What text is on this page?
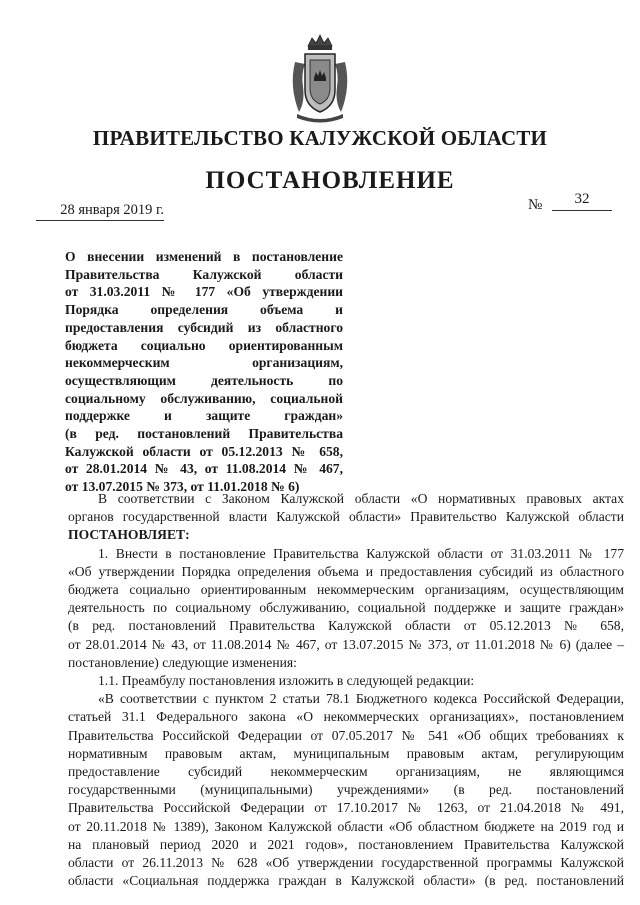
ПРАВИТЕЛЬСТВО КАЛУЖСКОЙ ОБЛАСТИ
ПОСТАНОВЛЕНИЕ
28 января 2019 г.	№	32
О внесении изменений в постановление
Правительства Калужской области
от 31.03.2011 № 177 «Об утверждении
Порядка определения объема и
предоставления субсидий из областного
бюджета социально ориентированным
некоммерческим организациям,
осуществляющим деятельность по
социальному обслуживанию, социальной
поддержке и защите граждан»
(в ред. постановлений Правительства
Калужской области от 05.12.2013 № 658,
от 28.01.2014 № 43, от 11.08.2014 № 467,
от 13.07.2015 № 373, от 11.01.2018 № 6)
В соответствии с Законом Калужской области «О нормативных правовых актах
органов государственной власти Калужской области» Правительство Калужской области
ПОСТАНОВЛЯЕТ:
1. Внести в постановление Правительства Калужской области от 31.03.2011 № 177
«Об утверждении Порядка определения объема и предоставления субсидий из областного
бюджета социально ориентированным некоммерческим организациям, осуществляющим
деятельность по социальному обслуживанию, социальной поддержке и защите граждан»
(в ред. постановлений Правительства Калужской области от 05.12.2013 № 658,
от 28.01.2014 № 43, от 11.08.2014 № 467, от 13.07.2015 № 373, от 11.01.2018 № 6) (далее –
постановление) следующие изменения:
1.1. Преамбулу постановления изложить в следующей редакции:
«В соответствии с пунктом 2 статьи 78.1 Бюджетного кодекса Российской Федерации,
статьей 31.1 Федерального закона «О некоммерческих организациях», постановлением
Правительства Российской Федерации от 07.05.2017 № 541 «Об общих требованиях к
нормативным правовым актам, муниципальным правовым актам, регулирующим
предоставление субсидий некоммерческим организациям, не являющимся
государственными (муниципальными) учреждениями» (в ред. постановлений
Правительства Российской Федерации от 17.10.2017 № 1263, от 21.04.2018 № 491,
от 20.11.2018 № 1389), Законом Калужской области «Об областном бюджете на 2019 год и
на плановый период 2020 и 2021 годов», постановлением Правительства Калужской
области от 26.11.2013 № 628 «Об утверждении государственной программы Калужской
области «Социальная поддержка граждан в Калужской области» (в ред. постановлений
